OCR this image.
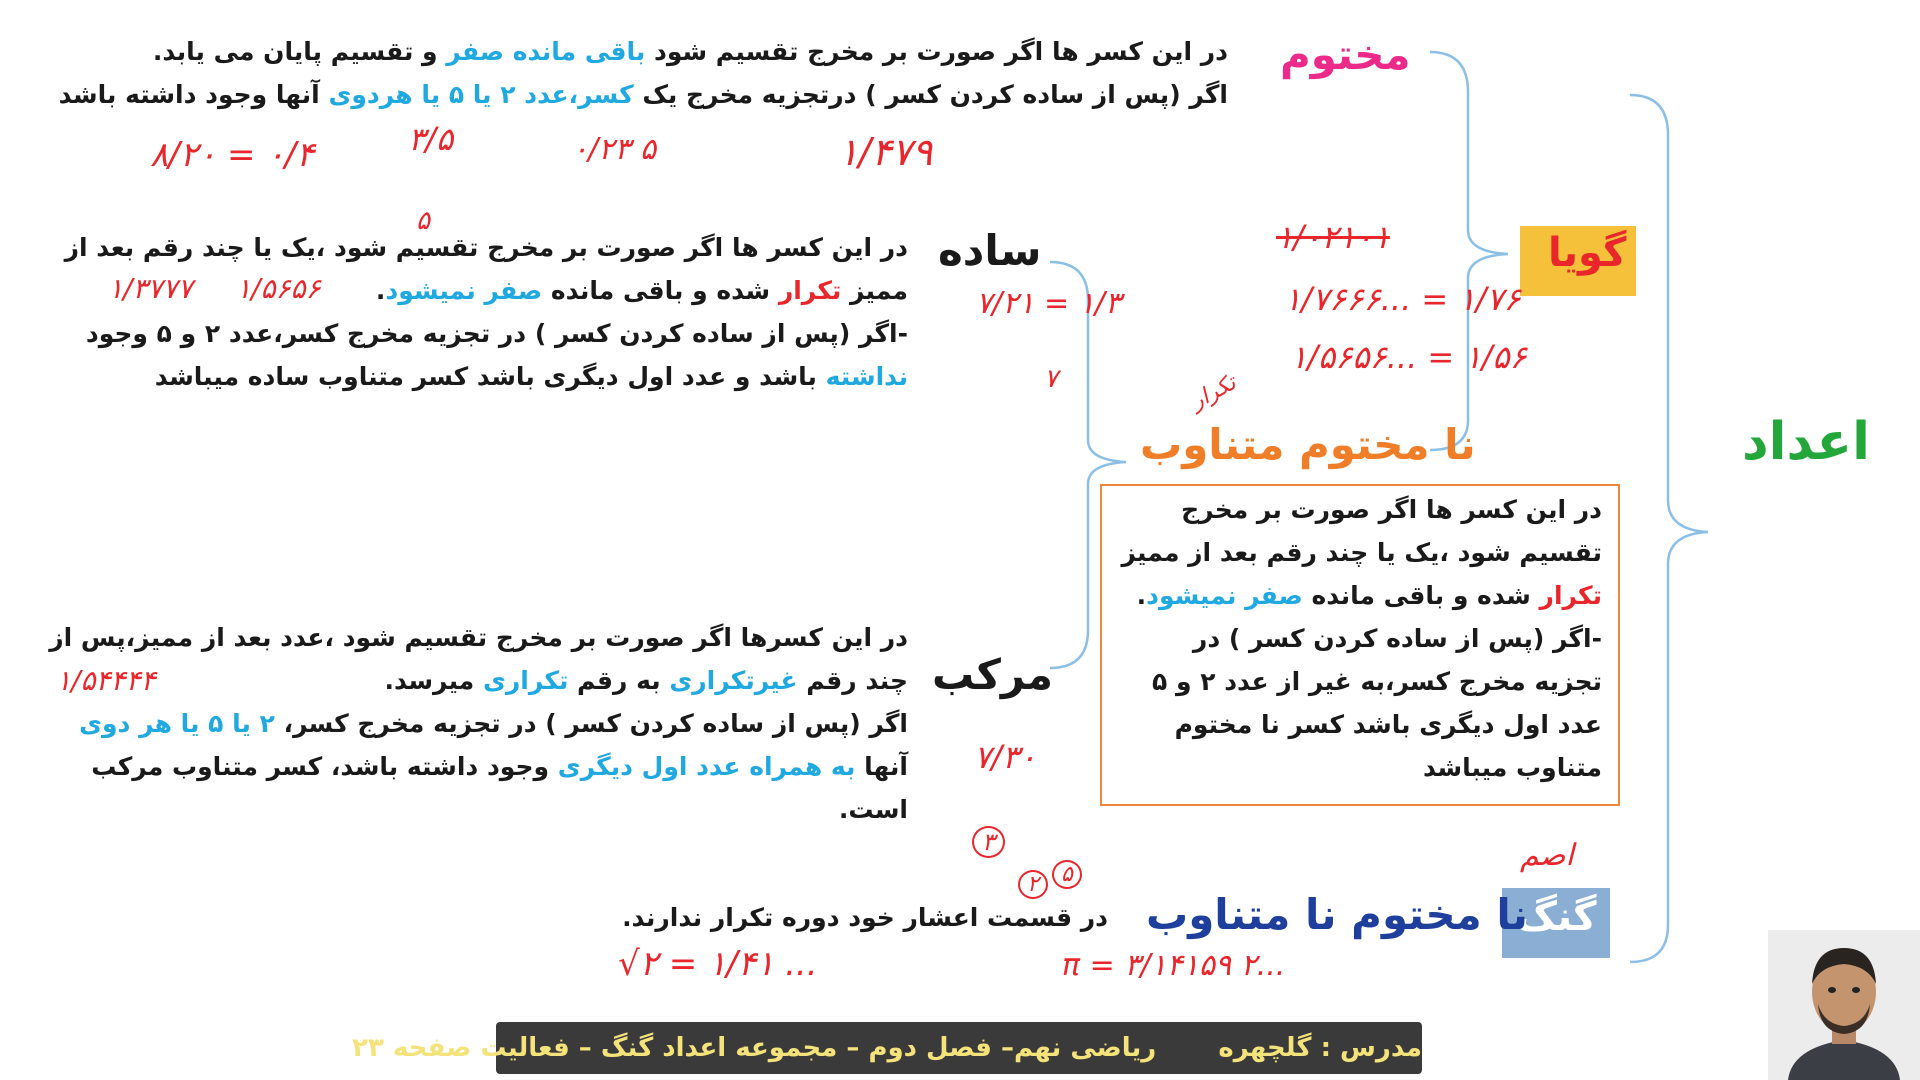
اعداد
گویا
گنگ
مختوم
نا مختوم متناوب
ساده
مرکب
نا مختوم نا متناوب
در این کسر ها اگر صورت بر مخرج تقسیم شود باقی مانده صفر و تقسیم پایان می یابد.
اگر (پس از ساده کردن کسر ) درتجزیه مخرج یک کسر،عدد ۲ یا ۵ یا هردوی آنها وجود داشته باشد
در این کسر ها اگر صورت بر مخرج تقسیم شود ،یک یا چند رقم بعد از
ممیز تکرار شده و باقی مانده صفر نمیشود.
-اگر (پس از ساده کردن کسر ) در تجزیه مخرج کسر،عدد ۲ و ۵ وجود
نداشته باشد و عدد اول دیگری باشد کسر متناوب ساده میباشد
در این کسر ها اگر صورت بر مخرج
تقسیم شود ،یک یا چند رقم بعد از ممیز
تکرار شده و باقی مانده صفر نمیشود.
-اگر (پس از ساده کردن کسر ) در
تجزیه مخرج کسر،به غیر از عدد ۲ و ۵
عدد اول دیگری باشد کسر نا مختوم
متناوب میباشد
در این کسرها اگر صورت بر مخرج تقسیم شود ،عدد بعد از ممیز،پس از
چند رقم غیرتکراری به رقم تکراری میرسد.
اگر (پس از ساده کردن کسر ) در تجزیه مخرج کسر، ۲ یا ۵ یا هر دوی
آنها به همراه عدد اول دیگری وجود داشته باشد، کسر متناوب مرکب
است.
در قسمت اعشار خود دوره تکرار ندارند.
۸/۲۰ = ۰/۴	۳/۵
۵
۰/۲۳ ۵	۱/۴۷۹
۱/۳۷۷۷ ۱/۵۶۵۶	۷/۲۱ = ۱/۳
۷
۱/۰۲۱۰۱
۱/۷۶۶۶... = ۱/۷۶
۱/۵۶۵۶... = ۱/۵۶
تکرار
۱/۵۴۴۴۴
۷/۳۰
۳
۲	۵
اصم
√۲ = ۱/۴۱ ...	π = ۳/۱۴۱۵۹ ۲...
مدرس : گلچهره  ریاضی نهم– فصل دوم – مجموعه اعداد گنگ – فعالیت صفحه ۲۳
